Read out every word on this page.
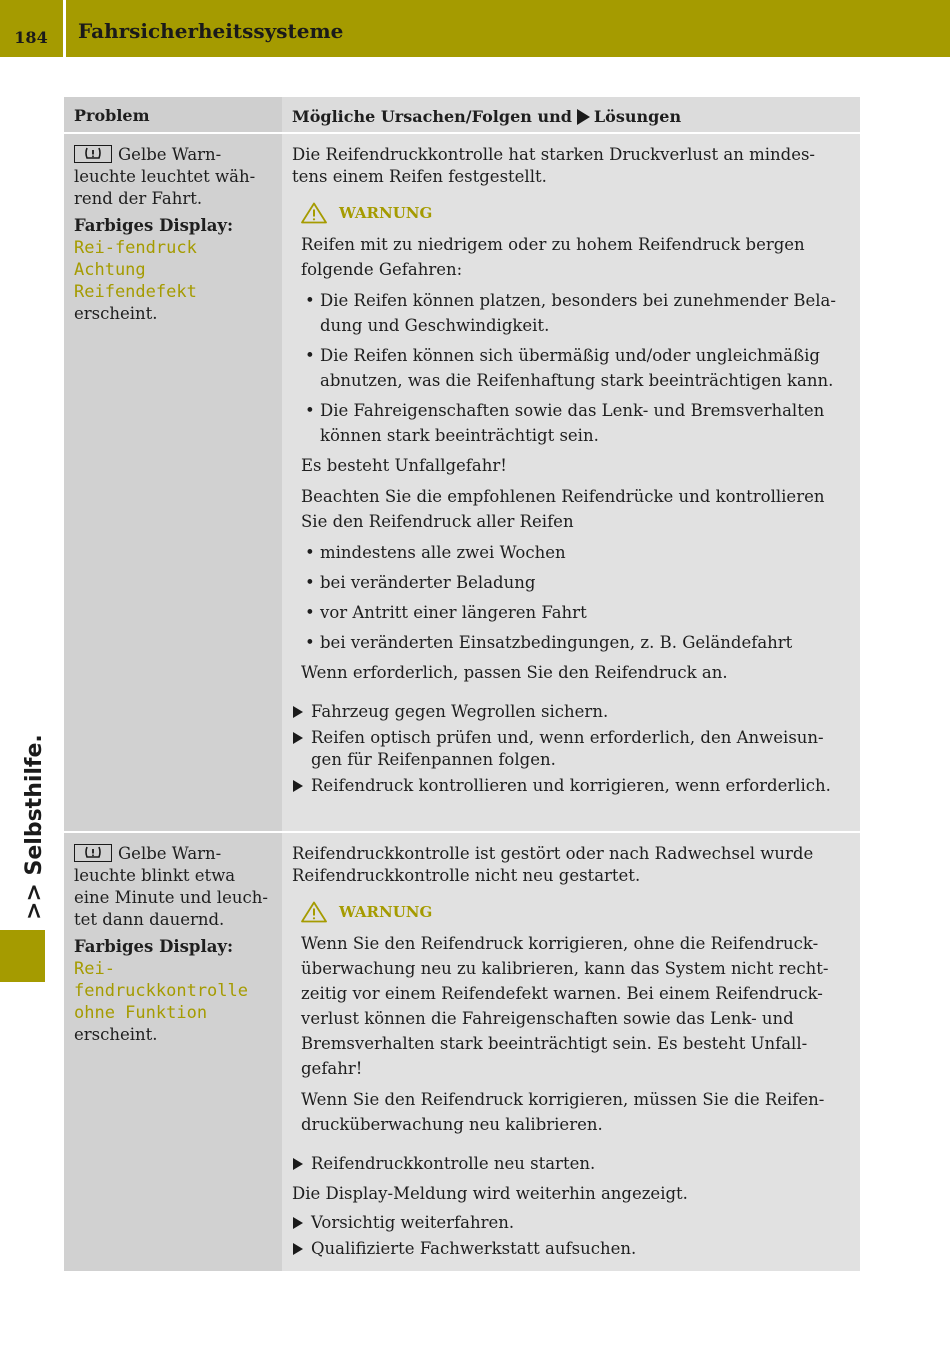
184	Fahrsicherheitssysteme
>> Selbsthilfe.
Problem	Mögliche Ursachen/Folgen und Lösungen
Gelbe Warn-leuchte leuchtet wäh-rend der Fahrt.
Farbiges Display: Rei-fendruck Achtung Reifendefekt erscheint.
Die Reifendruckkontrolle hat starken Druckverlust an mindes-tens einem Reifen festgestellt.
WARNUNG

Reifen mit zu niedrigem oder zu hohem Reifendruck bergen folgende Gefahren:

• Die Reifen können platzen, besonders bei zunehmender Bela-dung und Geschwindigkeit.
• Die Reifen können sich übermäßig und/oder ungleichmäßig abnutzen, was die Reifenhaftung stark beeinträchtigen kann.
• Die Fahreigenschaften sowie das Lenk- und Bremsverhalten können stark beeinträchtigt sein.

Es besteht Unfallgefahr!

Beachten Sie die empfohlenen Reifendrücke und kontrollieren Sie den Reifendruck aller Reifen

• mindestens alle zwei Wochen
• bei veränderter Beladung
• vor Antritt einer längeren Fahrt
• bei veränderten Einsatzbedingungen, z. B. Geländefahrt

Wenn erforderlich, passen Sie den Reifendruck an.

Fahrzeug gegen Wegrollen sichern.
Reifen optisch prüfen und, wenn erforderlich, den Anweisun-gen für Reifenpannen folgen.
Reifendruck kontrollieren und korrigieren, wenn erforderlich.
Gelbe Warn-leuchte blinkt etwa eine Minute und leuch-tet dann dauernd.
Farbiges Display: Rei-fendruckkontrolle ohne Funktion erscheint.
Reifendruckkontrolle ist gestört oder nach Radwechsel wurde Reifendruckkontrolle nicht neu gestartet.
WARNUNG

Wenn Sie den Reifendruck korrigieren, ohne die Reifendruck-überwachung neu zu kalibrieren, kann das System nicht recht-zeitig vor einem Reifendefekt warnen. Bei einem Reifendruck-verlust können die Fahreigenschaften sowie das Lenk- und Bremsverhalten stark beeinträchtigt sein. Es besteht Unfall-gefahr!

Wenn Sie den Reifendruck korrigieren, müssen Sie die Reifen-drucküberwachung neu kalibrieren.

Reifendruckkontrolle neu starten.
Die Display-Meldung wird weiterhin angezeigt.
Vorsichtig weiterfahren.
Qualifizierte Fachwerkstatt aufsuchen.
